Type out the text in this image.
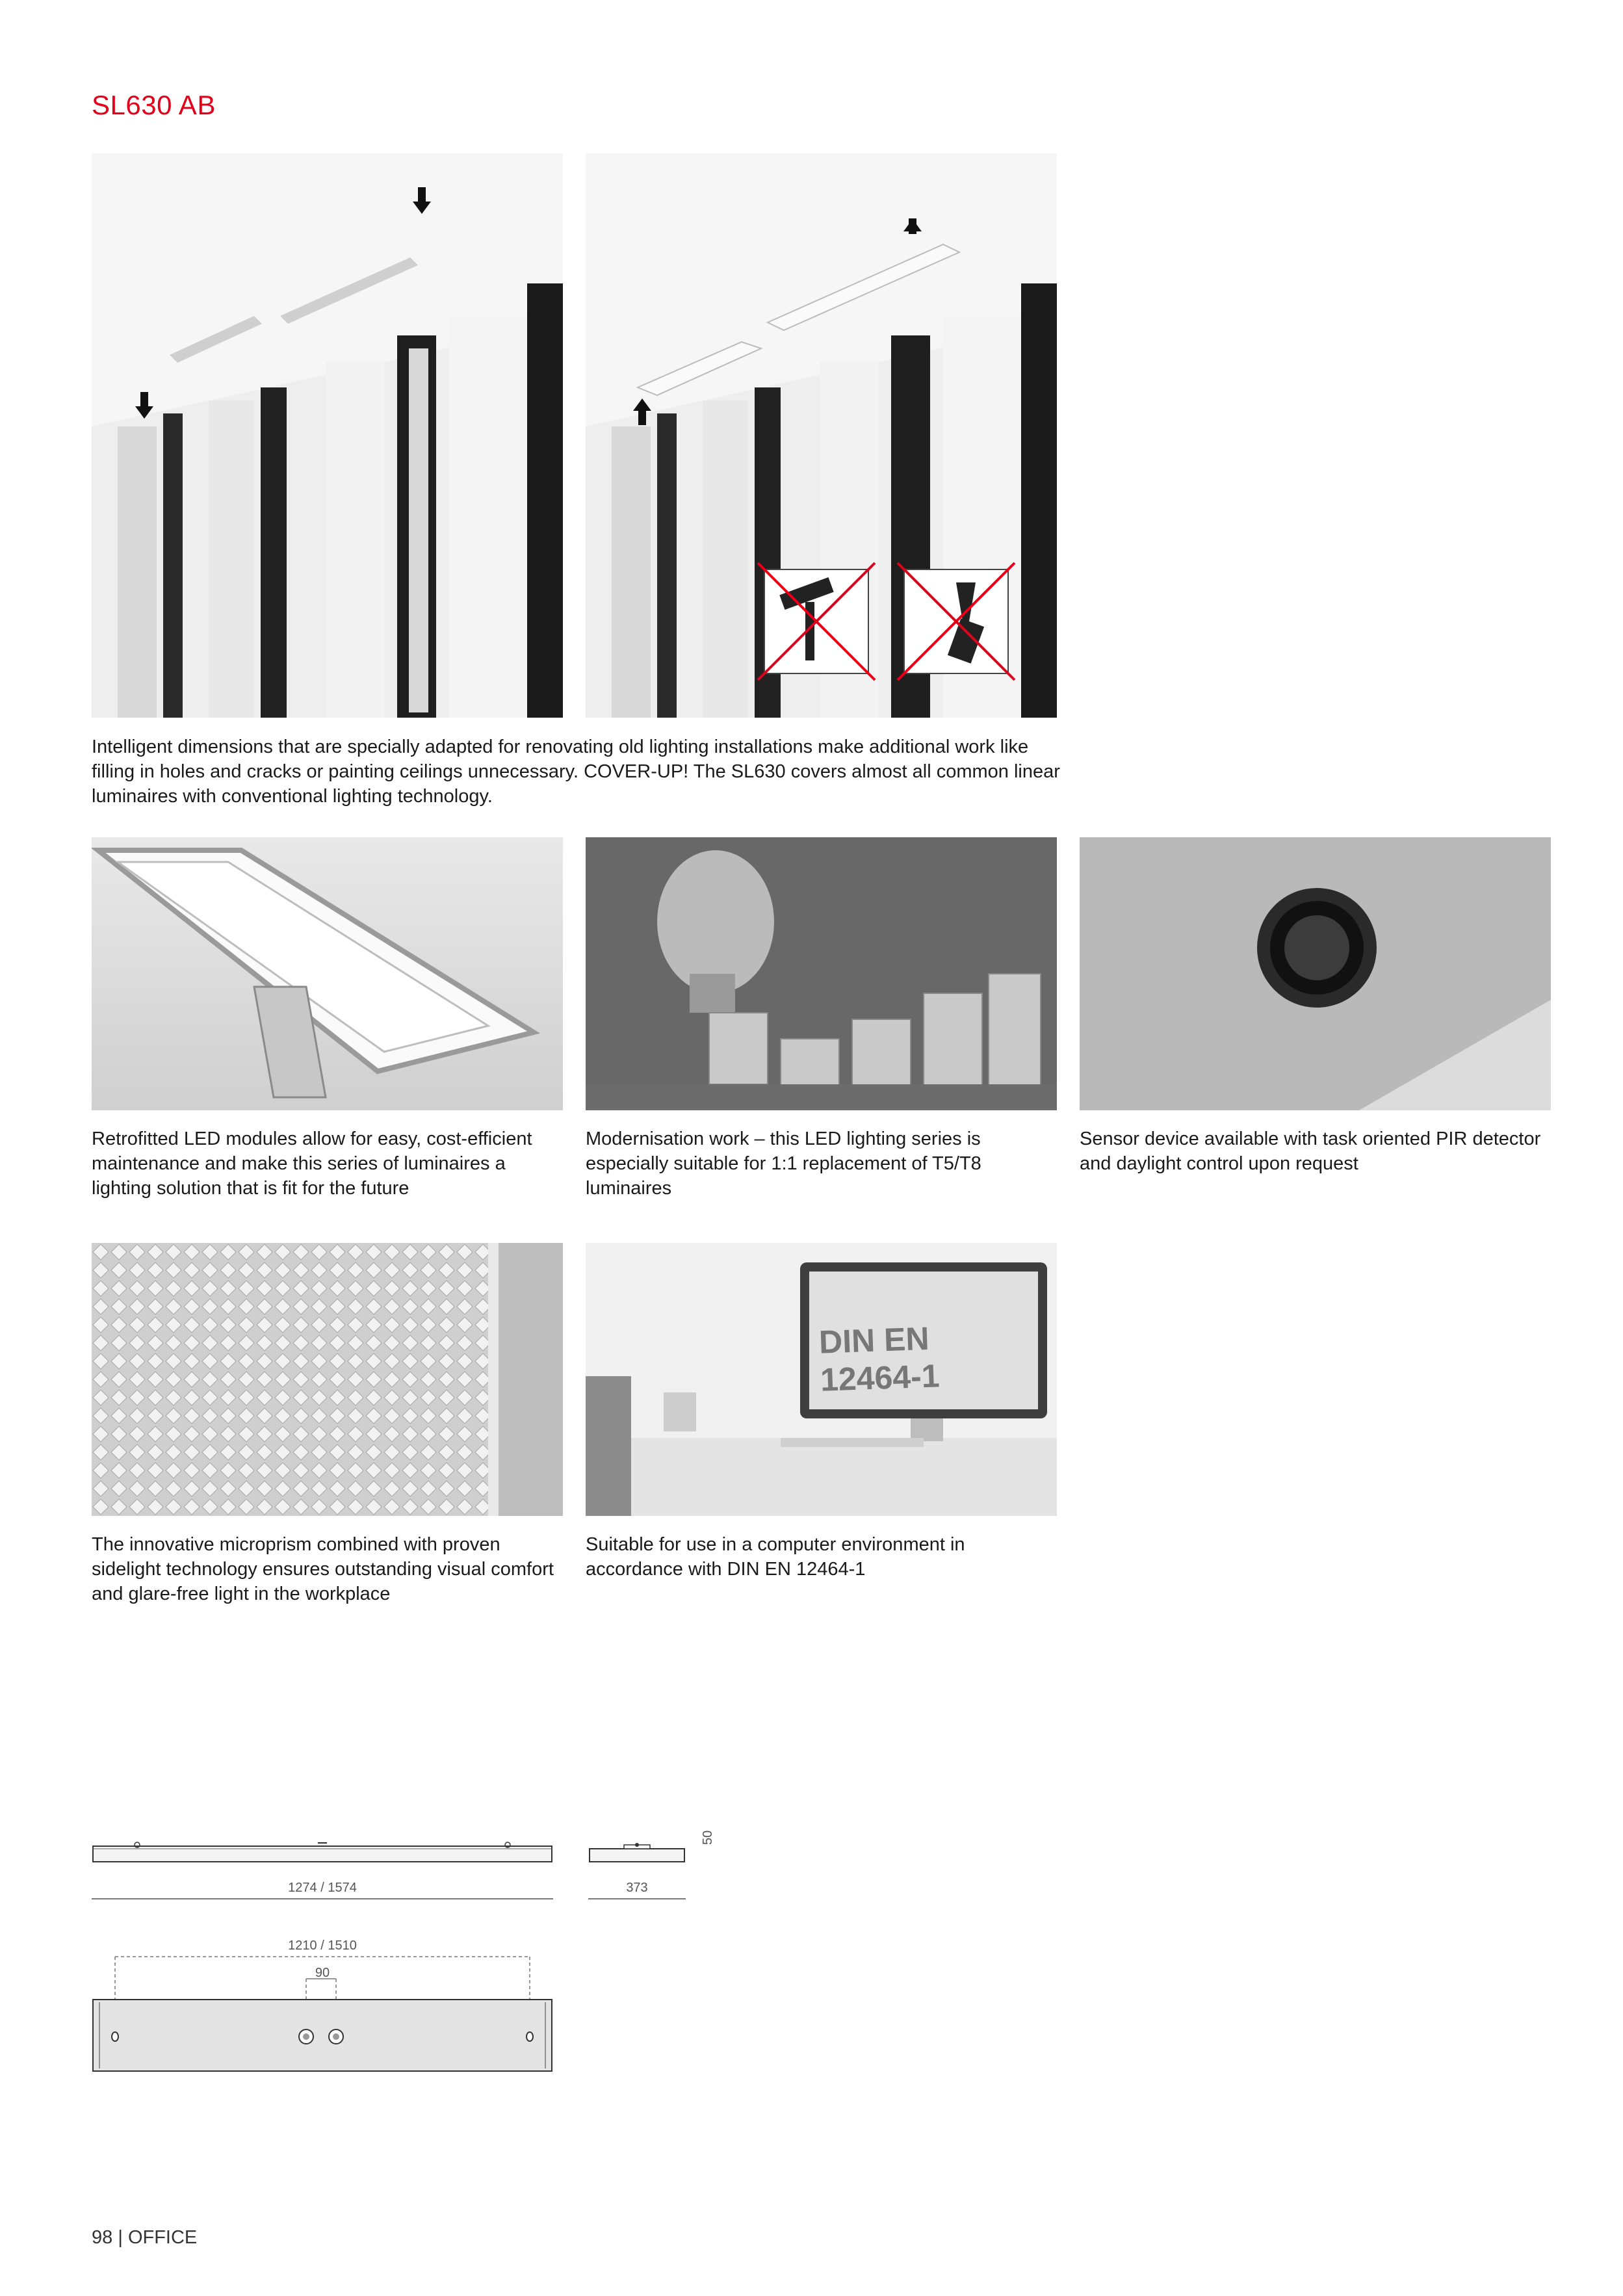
SL630 AB
Intelligent dimensions that are specially adapted for renovating old lighting installations make additional work like filling in holes and cracks or painting ceilings unnecessary. COVER-UP! The SL630 covers almost all common linear luminaires with conventional lighting technology.
Retrofitted LED modules allow for easy, cost-efficient maintenance and make this series of luminaires a lighting solution that is fit for the future
Modernisation work – this LED lighting series is especially suitable for 1:1 replacement of T5/T8 luminaires
Sensor device available with task oriented PIR detector and daylight control upon request
DIN EN 12464-1
The innovative microprism combined with proven sidelight technology ensures outstanding visual comfort and glare-free light in the workplace
Suitable for use in a computer environment in accordance with DIN EN 12464-1
1274 / 1574	373
50
1210 / 1510
90
98 | OFFICE
